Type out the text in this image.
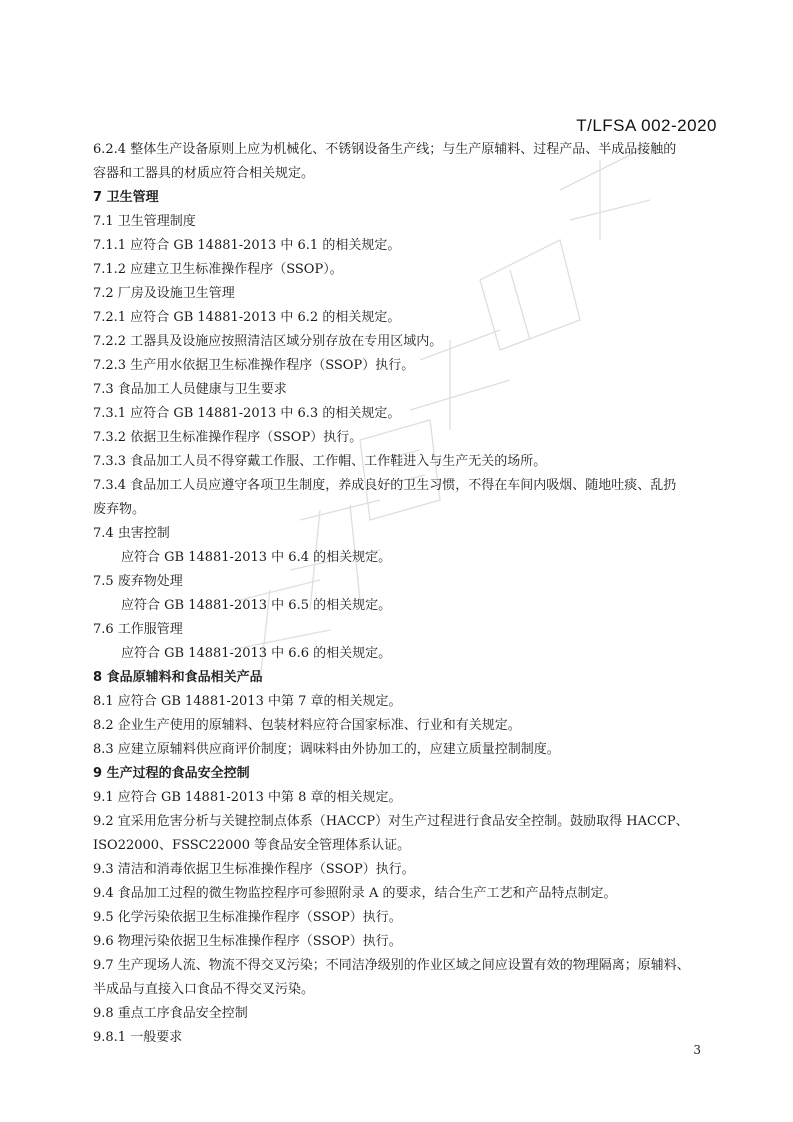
T/LFSA 002-2020
6.2.4 整体生产设备原则上应为机械化、不锈钢设备生产线；与生产原辅料、过程产品、半成品接触的
容器和工器具的材质应符合相关规定。
7 卫生管理
7.1 卫生管理制度
7.1.1 应符合 GB 14881-2013 中 6.1 的相关规定。
7.1.2 应建立卫生标准操作程序（SSOP）。
7.2 厂房及设施卫生管理
7.2.1 应符合 GB 14881-2013 中 6.2 的相关规定。
7.2.2 工器具及设施应按照清洁区域分别存放在专用区域内。
7.2.3 生产用水依据卫生标准操作程序（SSOP）执行。
7.3 食品加工人员健康与卫生要求
7.3.1 应符合 GB 14881-2013 中 6.3 的相关规定。
7.3.2 依据卫生标准操作程序（SSOP）执行。
7.3.3 食品加工人员不得穿戴工作服、工作帽、工作鞋进入与生产无关的场所。
7.3.4 食品加工人员应遵守各项卫生制度，养成良好的卫生习惯，不得在车间内吸烟、随地吐痰、乱扔
废弃物。
7.4 虫害控制
应符合 GB 14881-2013 中 6.4 的相关规定。
7.5 废弃物处理
应符合 GB 14881-2013 中 6.5 的相关规定。
7.6 工作服管理
应符合 GB 14881-2013 中 6.6 的相关规定。
8 食品原辅料和食品相关产品
8.1 应符合 GB 14881-2013 中第 7 章的相关规定。
8.2 企业生产使用的原辅料、包装材料应符合国家标准、行业和有关规定。
8.3 应建立原辅料供应商评价制度；调味料由外协加工的，应建立质量控制制度。
9 生产过程的食品安全控制
9.1 应符合 GB 14881-2013 中第 8 章的相关规定。
9.2 宜采用危害分析与关键控制点体系（HACCP）对生产过程进行食品安全控制。鼓励取得 HACCP、
ISO22000、FSSC22000 等食品安全管理体系认证。
9.3 清洁和消毒依据卫生标准操作程序（SSOP）执行。
9.4 食品加工过程的微生物监控程序可参照附录 A 的要求，结合生产工艺和产品特点制定。
9.5 化学污染依据卫生标准操作程序（SSOP）执行。
9.6 物理污染依据卫生标准操作程序（SSOP）执行。
9.7 生产现场人流、物流不得交叉污染；不同洁净级别的作业区域之间应设置有效的物理隔离；原辅料、
半成品与直接入口食品不得交叉污染。
9.8 重点工序食品安全控制
9.8.1 一般要求
3
